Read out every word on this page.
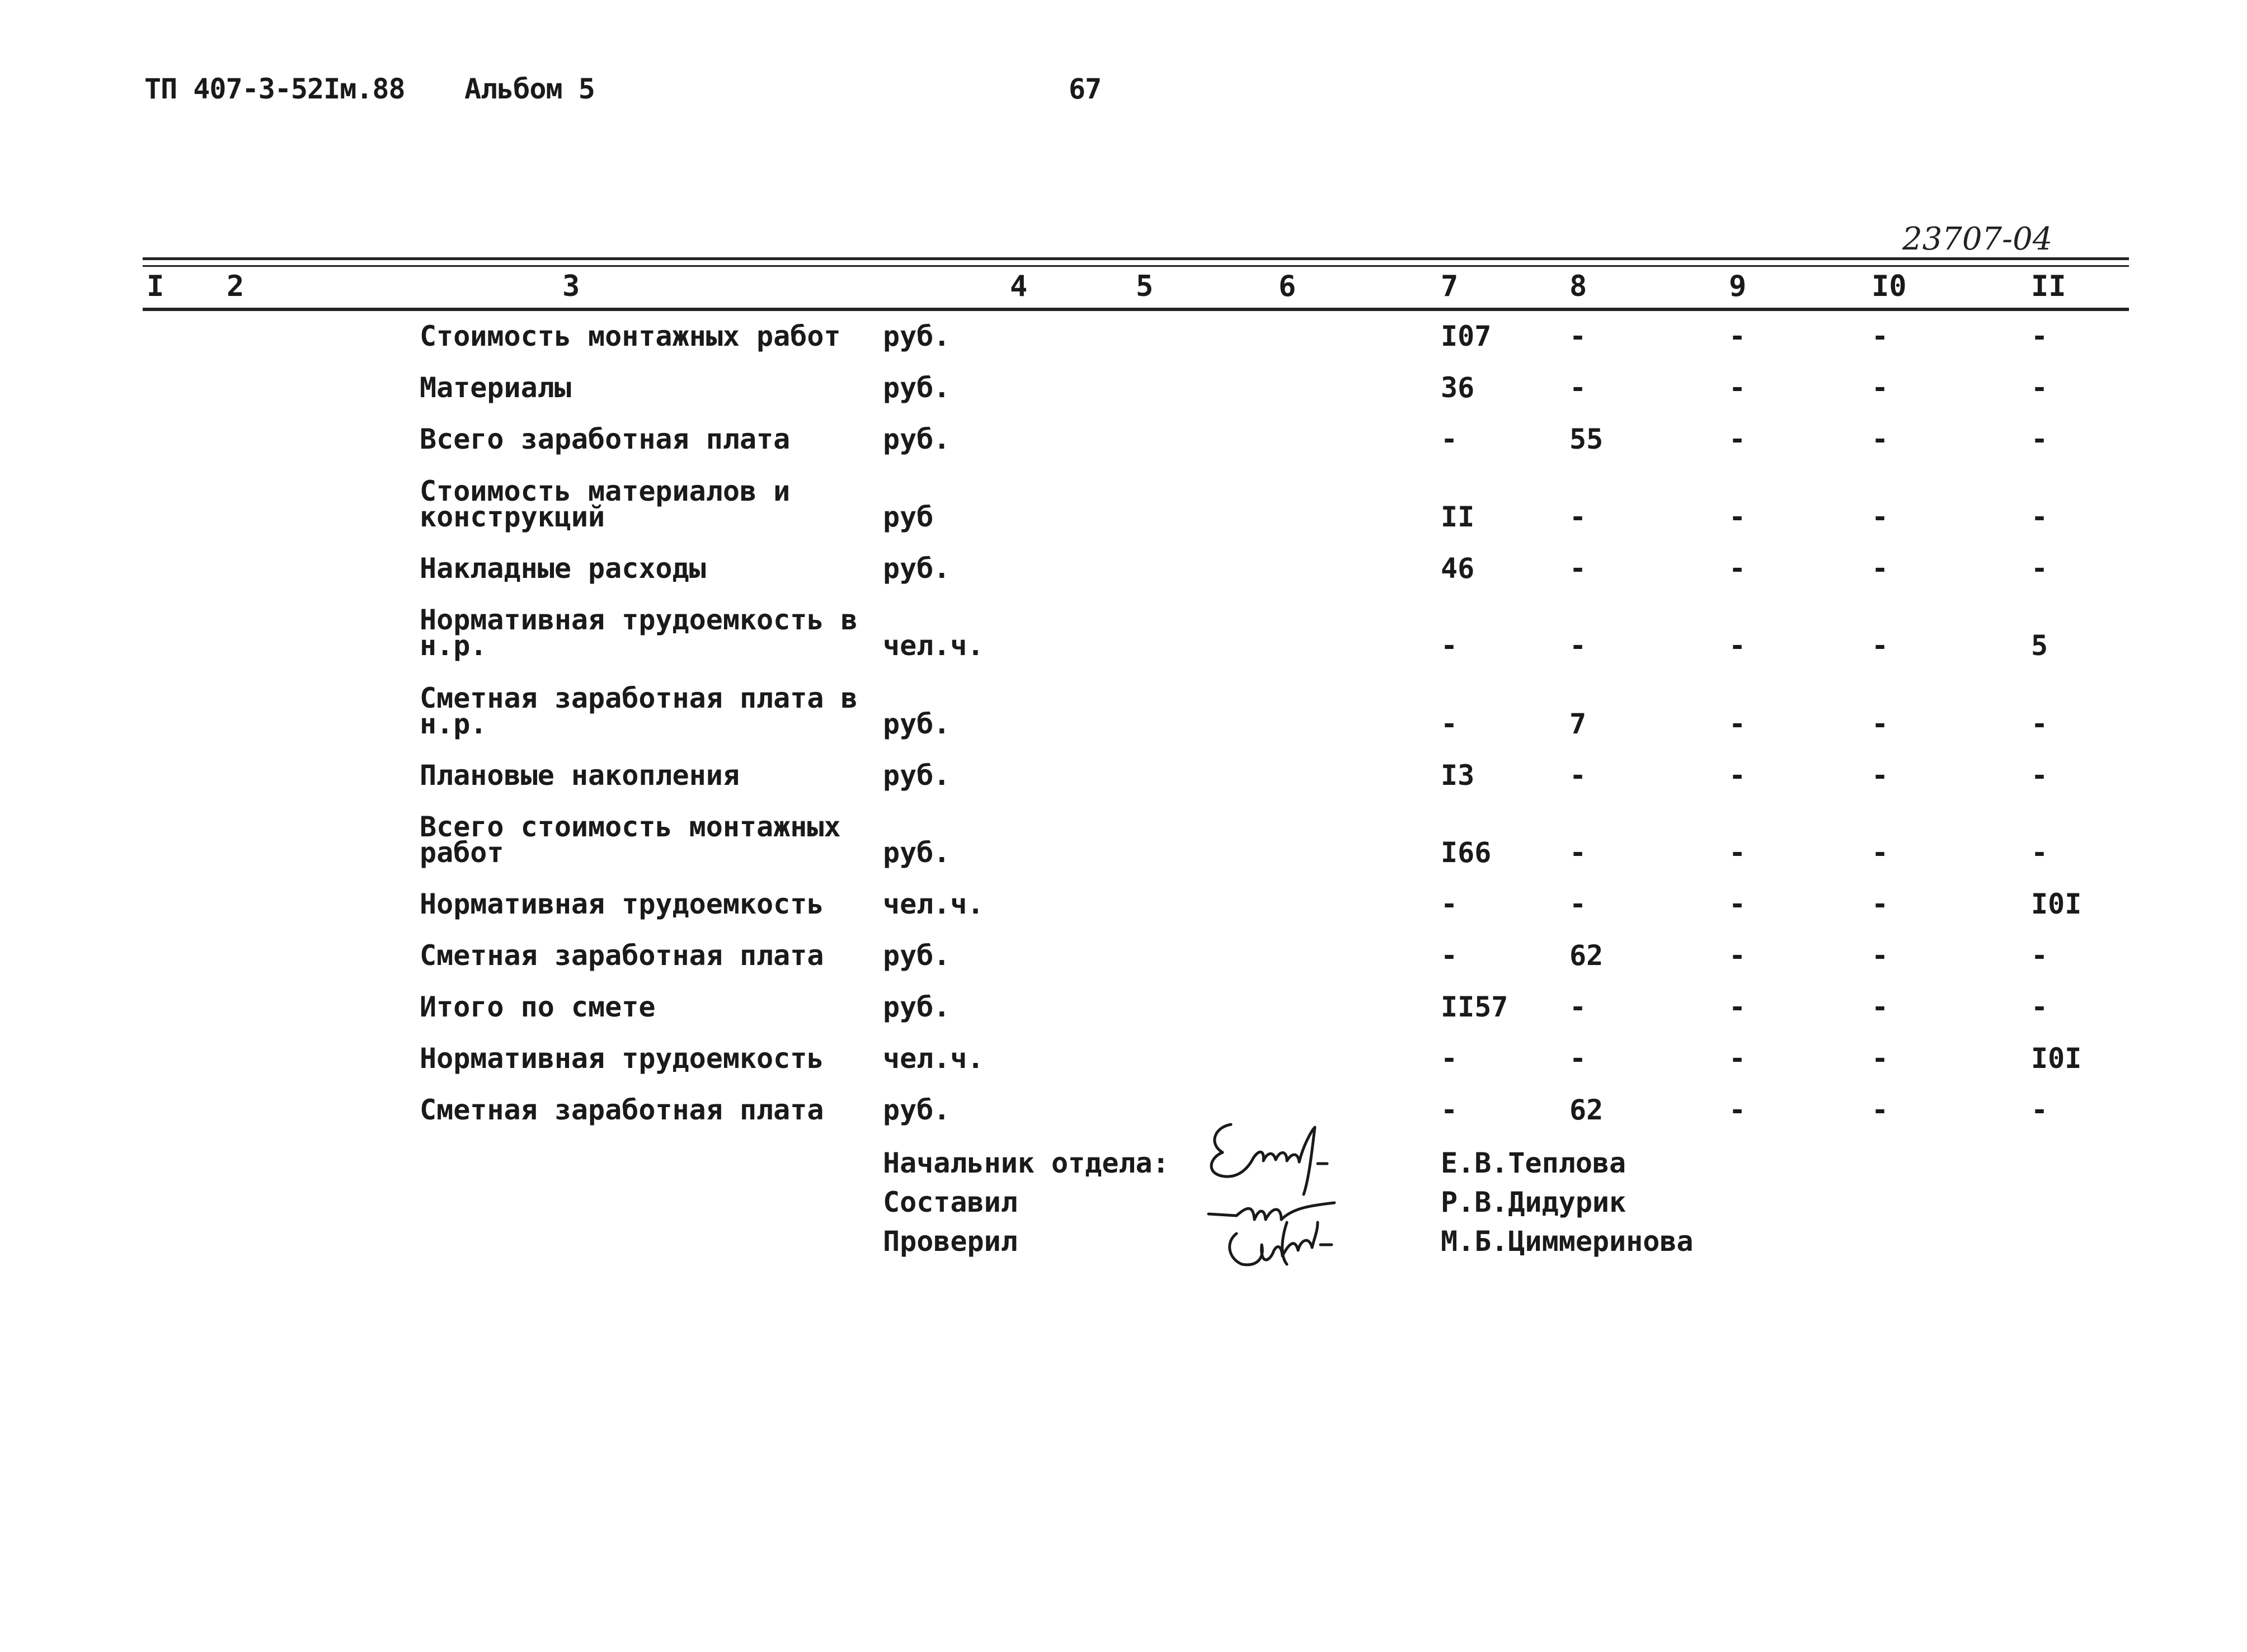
ТП 407-3-52Iм.88 Альбом 5	67
23707-04
I 2	3	4	5	6	7	8	9	I0	II
Стоимость монтажных работ	руб.	I07	-	-	-	-
Материалы	руб.	36	-	-	-	-
Всего заработная плата	руб.	-	55	-	-	-
Стоимость материалов и конструкций	руб	II	-	-	-	-
Накладные расходы	руб.	46	-	-	-	-
Нормативная трудоемкость в н.р.	чел.ч.	-	-	-	-	5
Сметная заработная плата в н.р.	руб.	-	7	-	-	-
Плановые накопления	руб.	I3	-	-	-	-
Всего стоимость монтажных работ	руб.	I66	-	-	-	-
Нормативная трудоемкость	чел.ч.	-	-	-	-	I0I
Сметная заработная плата	руб.	-	62	-	-	-
Итого по смете	руб.	II57 -	-	-	-
Нормативная трудоемкость	чел.ч.	-	-	-	-	I0I
Сметная заработная плата	руб.	-	62	-	-	-
Начальник отдела:	Е.В.Теплова
Составил	Р.В.Дидурик
Проверил	М.Б.Циммеринова
